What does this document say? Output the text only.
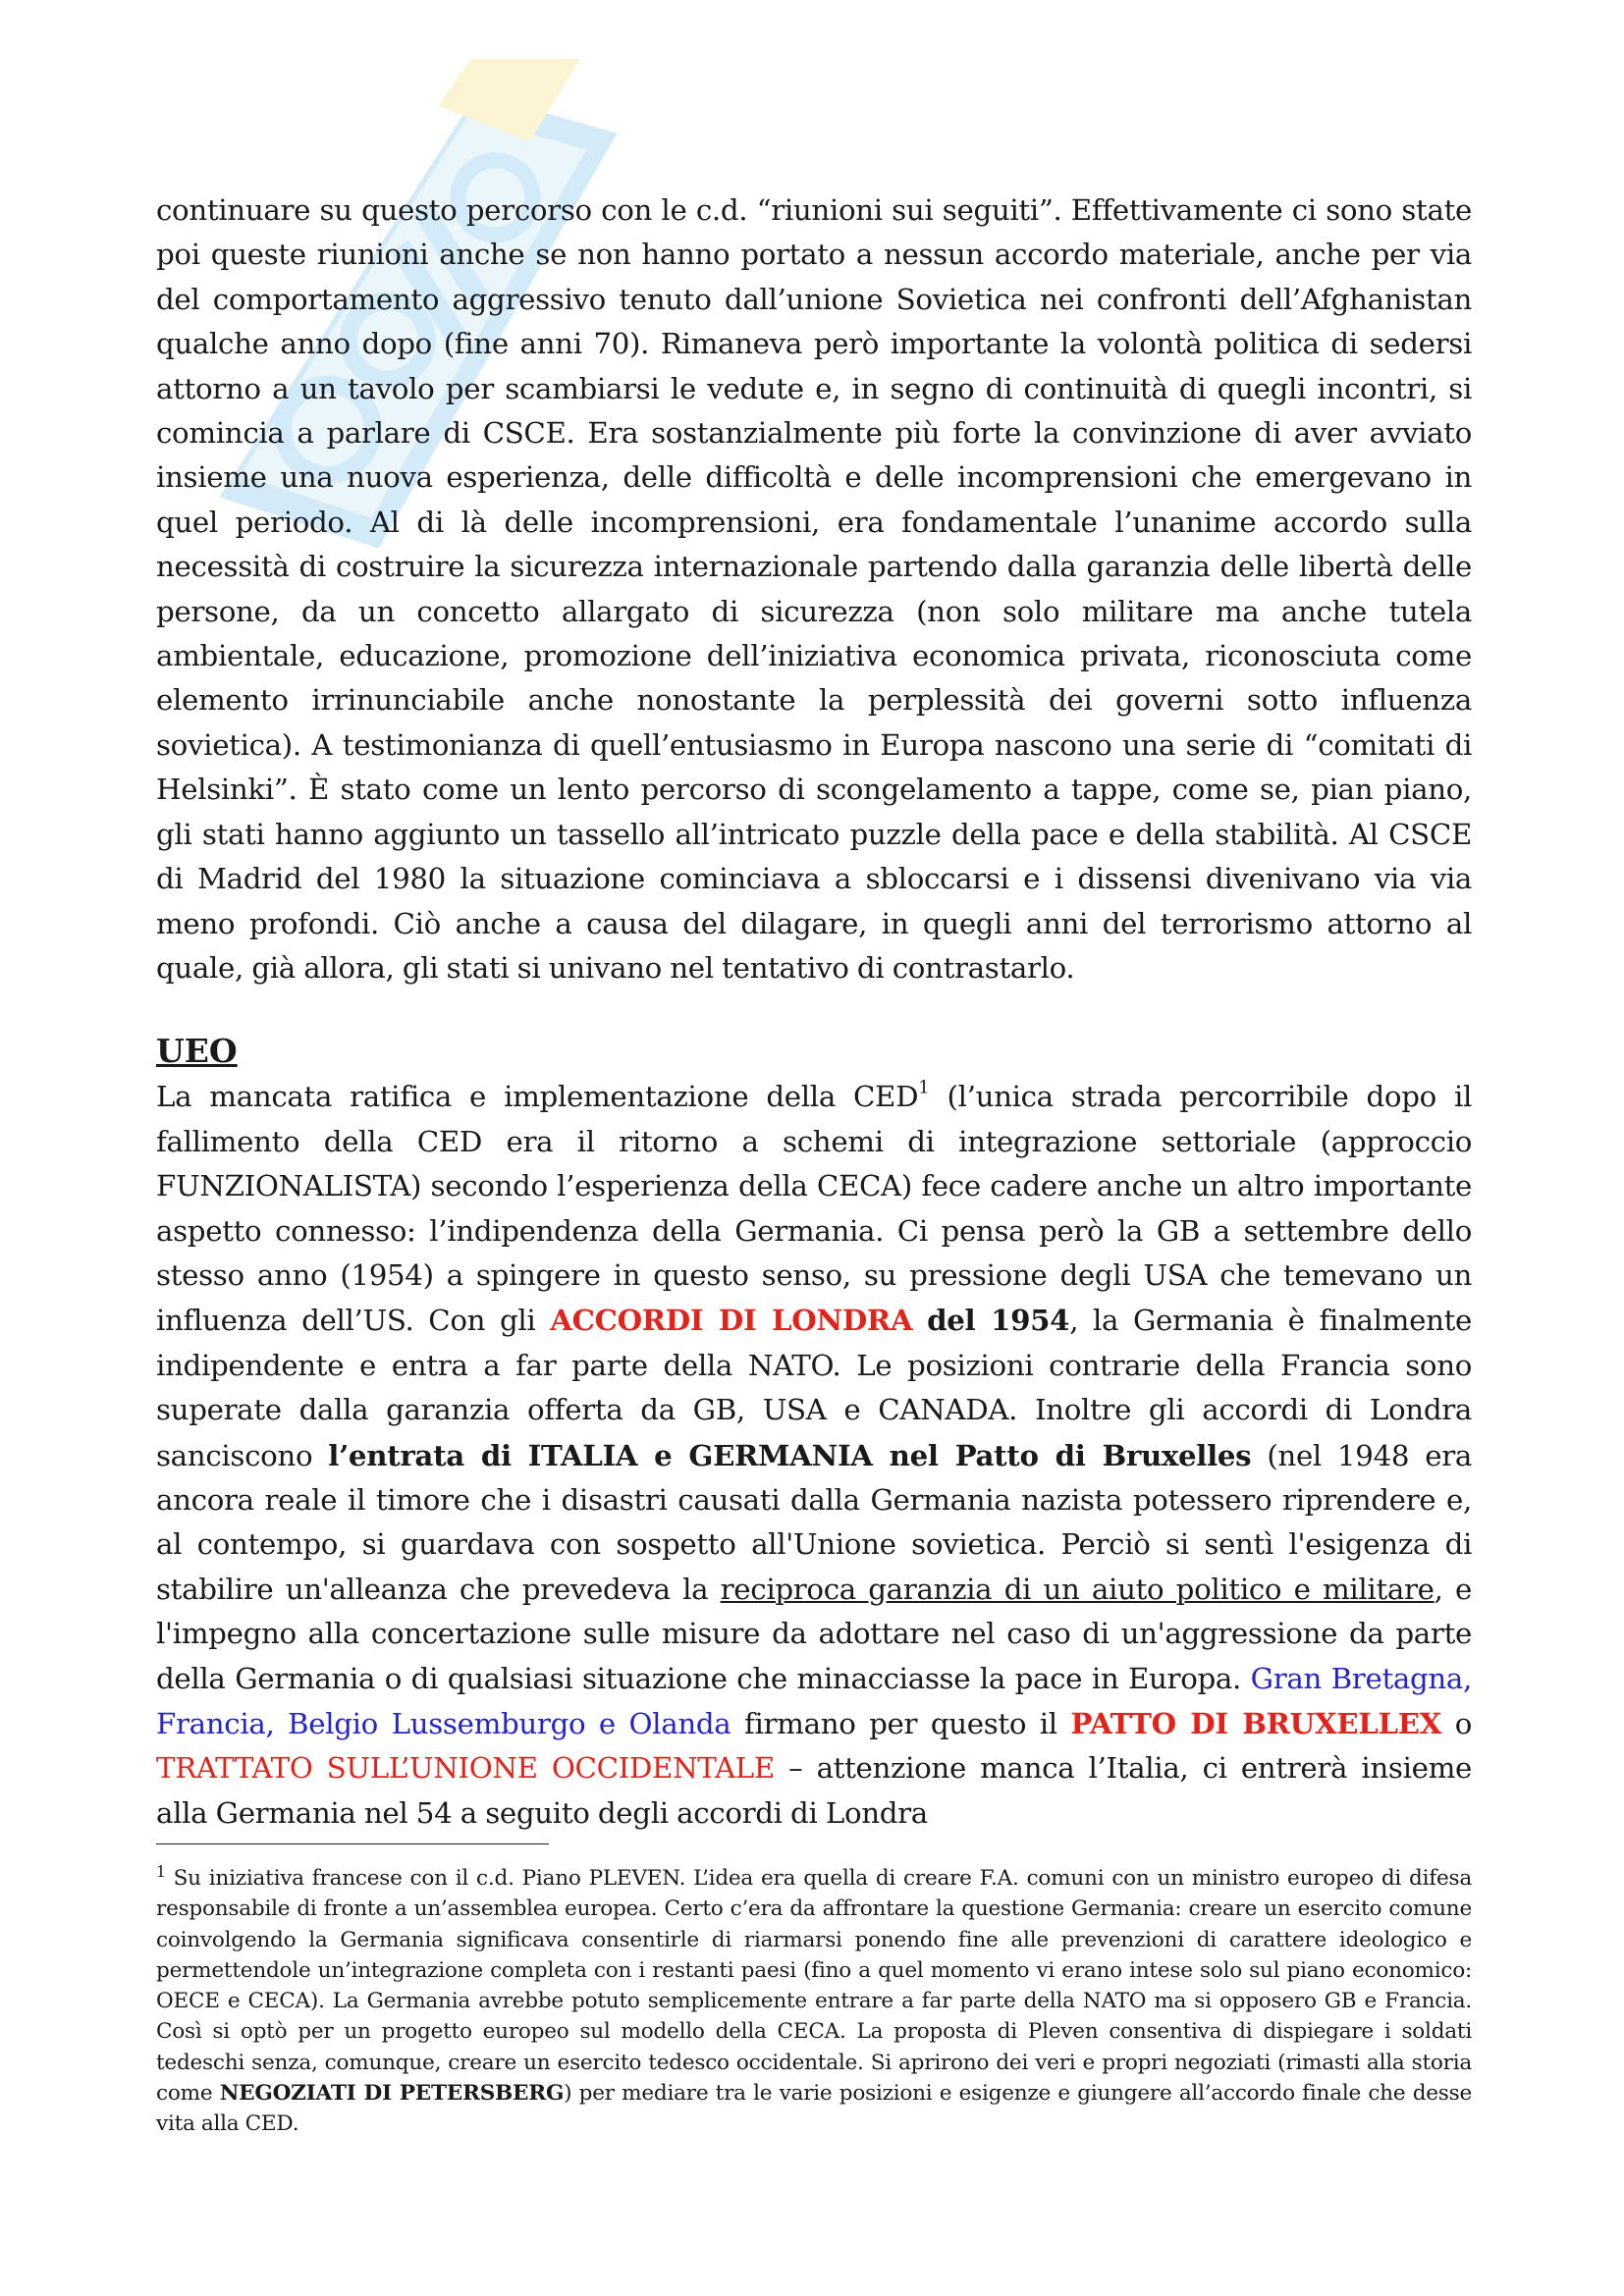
continuare su questo percorso con le c.d. “riunioni sui seguiti”. Effettivamente ci sono state poi queste riunioni anche se non hanno portato a nessun accordo materiale, anche per via del comportamento aggressivo tenuto dall’unione Sovietica nei confronti dell’Afghanistan qualche anno dopo (fine anni 70). Rimaneva però importante la volontà politica di sedersi attorno a un tavolo per scambiarsi le vedute e, in segno di continuità di quegli incontri, si comincia a parlare di CSCE. Era sostanzialmente più forte la convinzione di aver avviato insieme una nuova esperienza, delle difficoltà e delle incomprensioni che emergevano in quel periodo. Al di là delle incomprensioni, era fondamentale l’unanime accordo sulla necessità di costruire la sicurezza internazionale partendo dalla garanzia delle libertà delle persone, da un concetto allargato di sicurezza (non solo militare ma anche tutela ambientale, educazione, promozione dell’iniziativa economica privata, riconosciuta come elemento irrinunciabile anche nonostante la perplessità dei governi sotto influenza sovietica). A testimonianza di quell’entusiasmo in Europa nascono una serie di “comitati di Helsinki”. È stato come un lento percorso di scongelamento a tappe, come se, pian piano, gli stati hanno aggiunto un tassello all’intricato puzzle della pace e della stabilità. Al CSCE di Madrid del 1980 la situazione cominciava a sbloccarsi e i dissensi divenivano via via meno profondi. Ciò anche a causa del dilagare, in quegli anni del terrorismo attorno al quale, già allora, gli stati si univano nel tentativo di contrastarlo.

UEO

La mancata ratifica e implementazione della CED$^1$ (l’unica strada percorribile dopo il fallimento della CED era il ritorno a schemi di integrazione settoriale (approccio FUNZIONALISTA) secondo l’esperienza della CECA) fece cadere anche un altro importante aspetto connesso: l’indipendenza della Germania. Ci pensa però la GB a settembre dello stesso anno (1954) a spingere in questo senso, su pressione degli USA che temevano un influenza dell’US. Con gli ACCORDI DI LONDRA del 1954, la Germania è finalmente indipendente e entra a far parte della NATO. Le posizioni contrarie della Francia sono superate dalla garanzia offerta da GB, USA e CANADA. Inoltre gli accordi di Londra sanciscono l’entrata di ITALIA e GERMANIA nel Patto di Bruxelles (nel 1948 era ancora reale il timore che i disastri causati dalla Germania nazista potessero riprendere e, al contempo, si guardava con sospetto all'Unione sovietica. Perciò si sentì l'esigenza di stabilire un'alleanza che prevedeva la reciproca garanzia di un aiuto politico e militare, e l'impegno alla concertazione sulle misure da adottare nel caso di un'aggressione da parte della Germania o di qualsiasi situazione che minacciasse la pace in Europa. Gran Bretagna, Francia, Belgio Lussemburgo e Olanda firmano per questo il PATTO DI BRUXELLEX o TRATTATO SULL’UNIONE OCCIDENTALE – attenzione manca l’Italia, ci entrerà insieme alla Germania nel 54 a seguito degli accordi di Londra

$^1$ Su iniziativa francese con il c.d. Piano PLEVEN. L’idea era quella di creare F.A. comuni con un ministro europeo di difesa responsabile di fronte a un’assemblea europea. Certo c’era da affrontare la questione Germania: creare un esercito comune coinvolgendo la Germania significava consentirle di riarmarsi ponendo fine alle prevenzioni di carattere ideologico e permettendole un’integrazione completa con i restanti paesi (fino a quel momento vi erano intese solo sul piano economico: OECE e CECA). La Germania avrebbe potuto semplicemente entrare a far parte della NATO ma si opposero GB e Francia. Così si optò per un progetto europeo sul modello della CECA. La proposta di Pleven consentiva di dispiegare i soldati tedeschi senza, comunque, creare un esercito tedesco occidentale. Si aprirono dei veri e propri negoziati (rimasti alla storia come NEGOZIATI DI PETERSBERG) per mediare tra le varie posizioni e esigenze e giungere all’accordo finale che desse vita alla CED.
